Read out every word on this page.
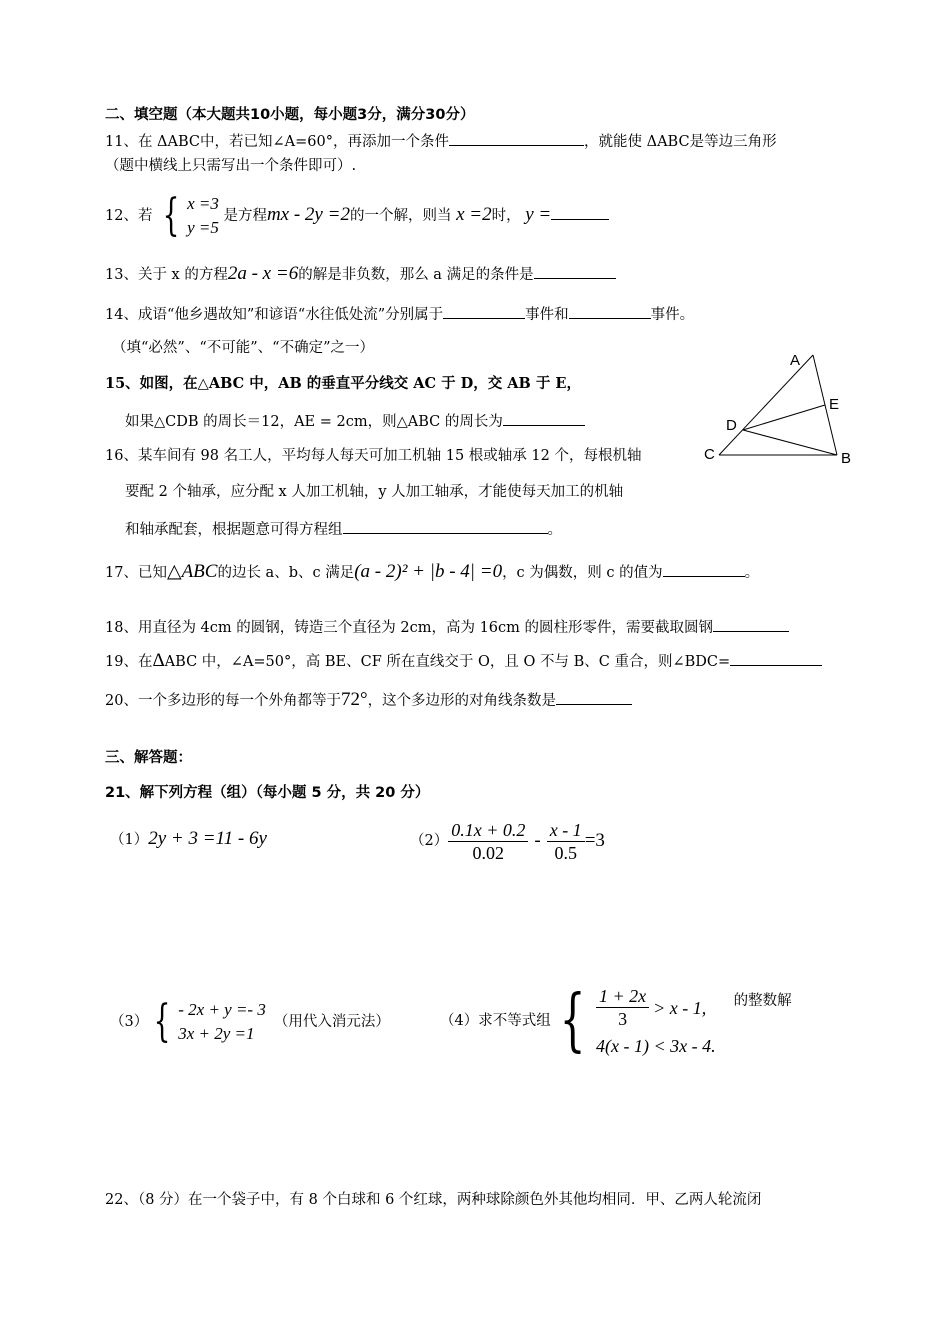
二、填空题（本大题共10小题，每小题3分，满分30分）
11、在 ΔABC中，若已知∠A=60°，再添加一个条件	，就能使 ΔABC是等边三角形
（题中横线上只需写出一个条件即可）.
12、若 { x =3
y =5
是方程mx - 2y =2的一个解，则当 x =2时， y =
13、关于 x 的方程2a - x =6的解是非负数，那么 a 满足的条件是
14、成语“他乡遇故知”和谚语“水往低处流”分别属于	事件和	事件。
（填“必然”、“不可能”、“不确定”之一）
15、如图，在△ABC 中，AB 的垂直平分线交 AC 于 D，交 AB 于 E，
如果△CDB 的周长＝12，AE = 2cm，则△ABC 的周长为
A
E
D
C	B
16、某车间有 98 名工人，平均每人每天可加工机轴 15 根或轴承 12 个，每根机轴
要配 2 个轴承，应分配 x 人加工机轴，y 人加工轴承，才能使每天加工的机轴
和轴承配套，根据题意可得方程组	。
17、已知△ABC的边长 a、b、c 满足(a - 2)² + |b - 4| =0，c 为偶数，则 c 的值为	。
18、用直径为 4cm 的圆钢，铸造三个直径为 2cm，高为 16cm 的圆柱形零件，需要截取圆钢
19、在ΔABC 中，∠A=50°，高 BE、CF 所在直线交于 O，且 O 不与 B、C 重合，则∠BDC=
20、一个多边形的每一个外角都等于72°，这个多边形的对角线条数是
三、解答题：
21、解下列方程（组）（每小题 5 分，共 20 分）
（1）2y + 3 =11 - 6y	$(2) \frac{0.1x + 0.2}{0.02} - \frac{x - 1}{0.5} =3$
（3） { - 2x + y =- 3
3x + 2y =1
（用代入消元法）	（4）求不等式组 { $\frac{1 + 2x}{3} > x - 1$,
4(x - 1) < 3x - 4.
的整数解
22、（8 分）在一个袋子中，有 8 个白球和 6 个红球，两种球除颜色外其他均相同．甲、乙两人轮流闭
